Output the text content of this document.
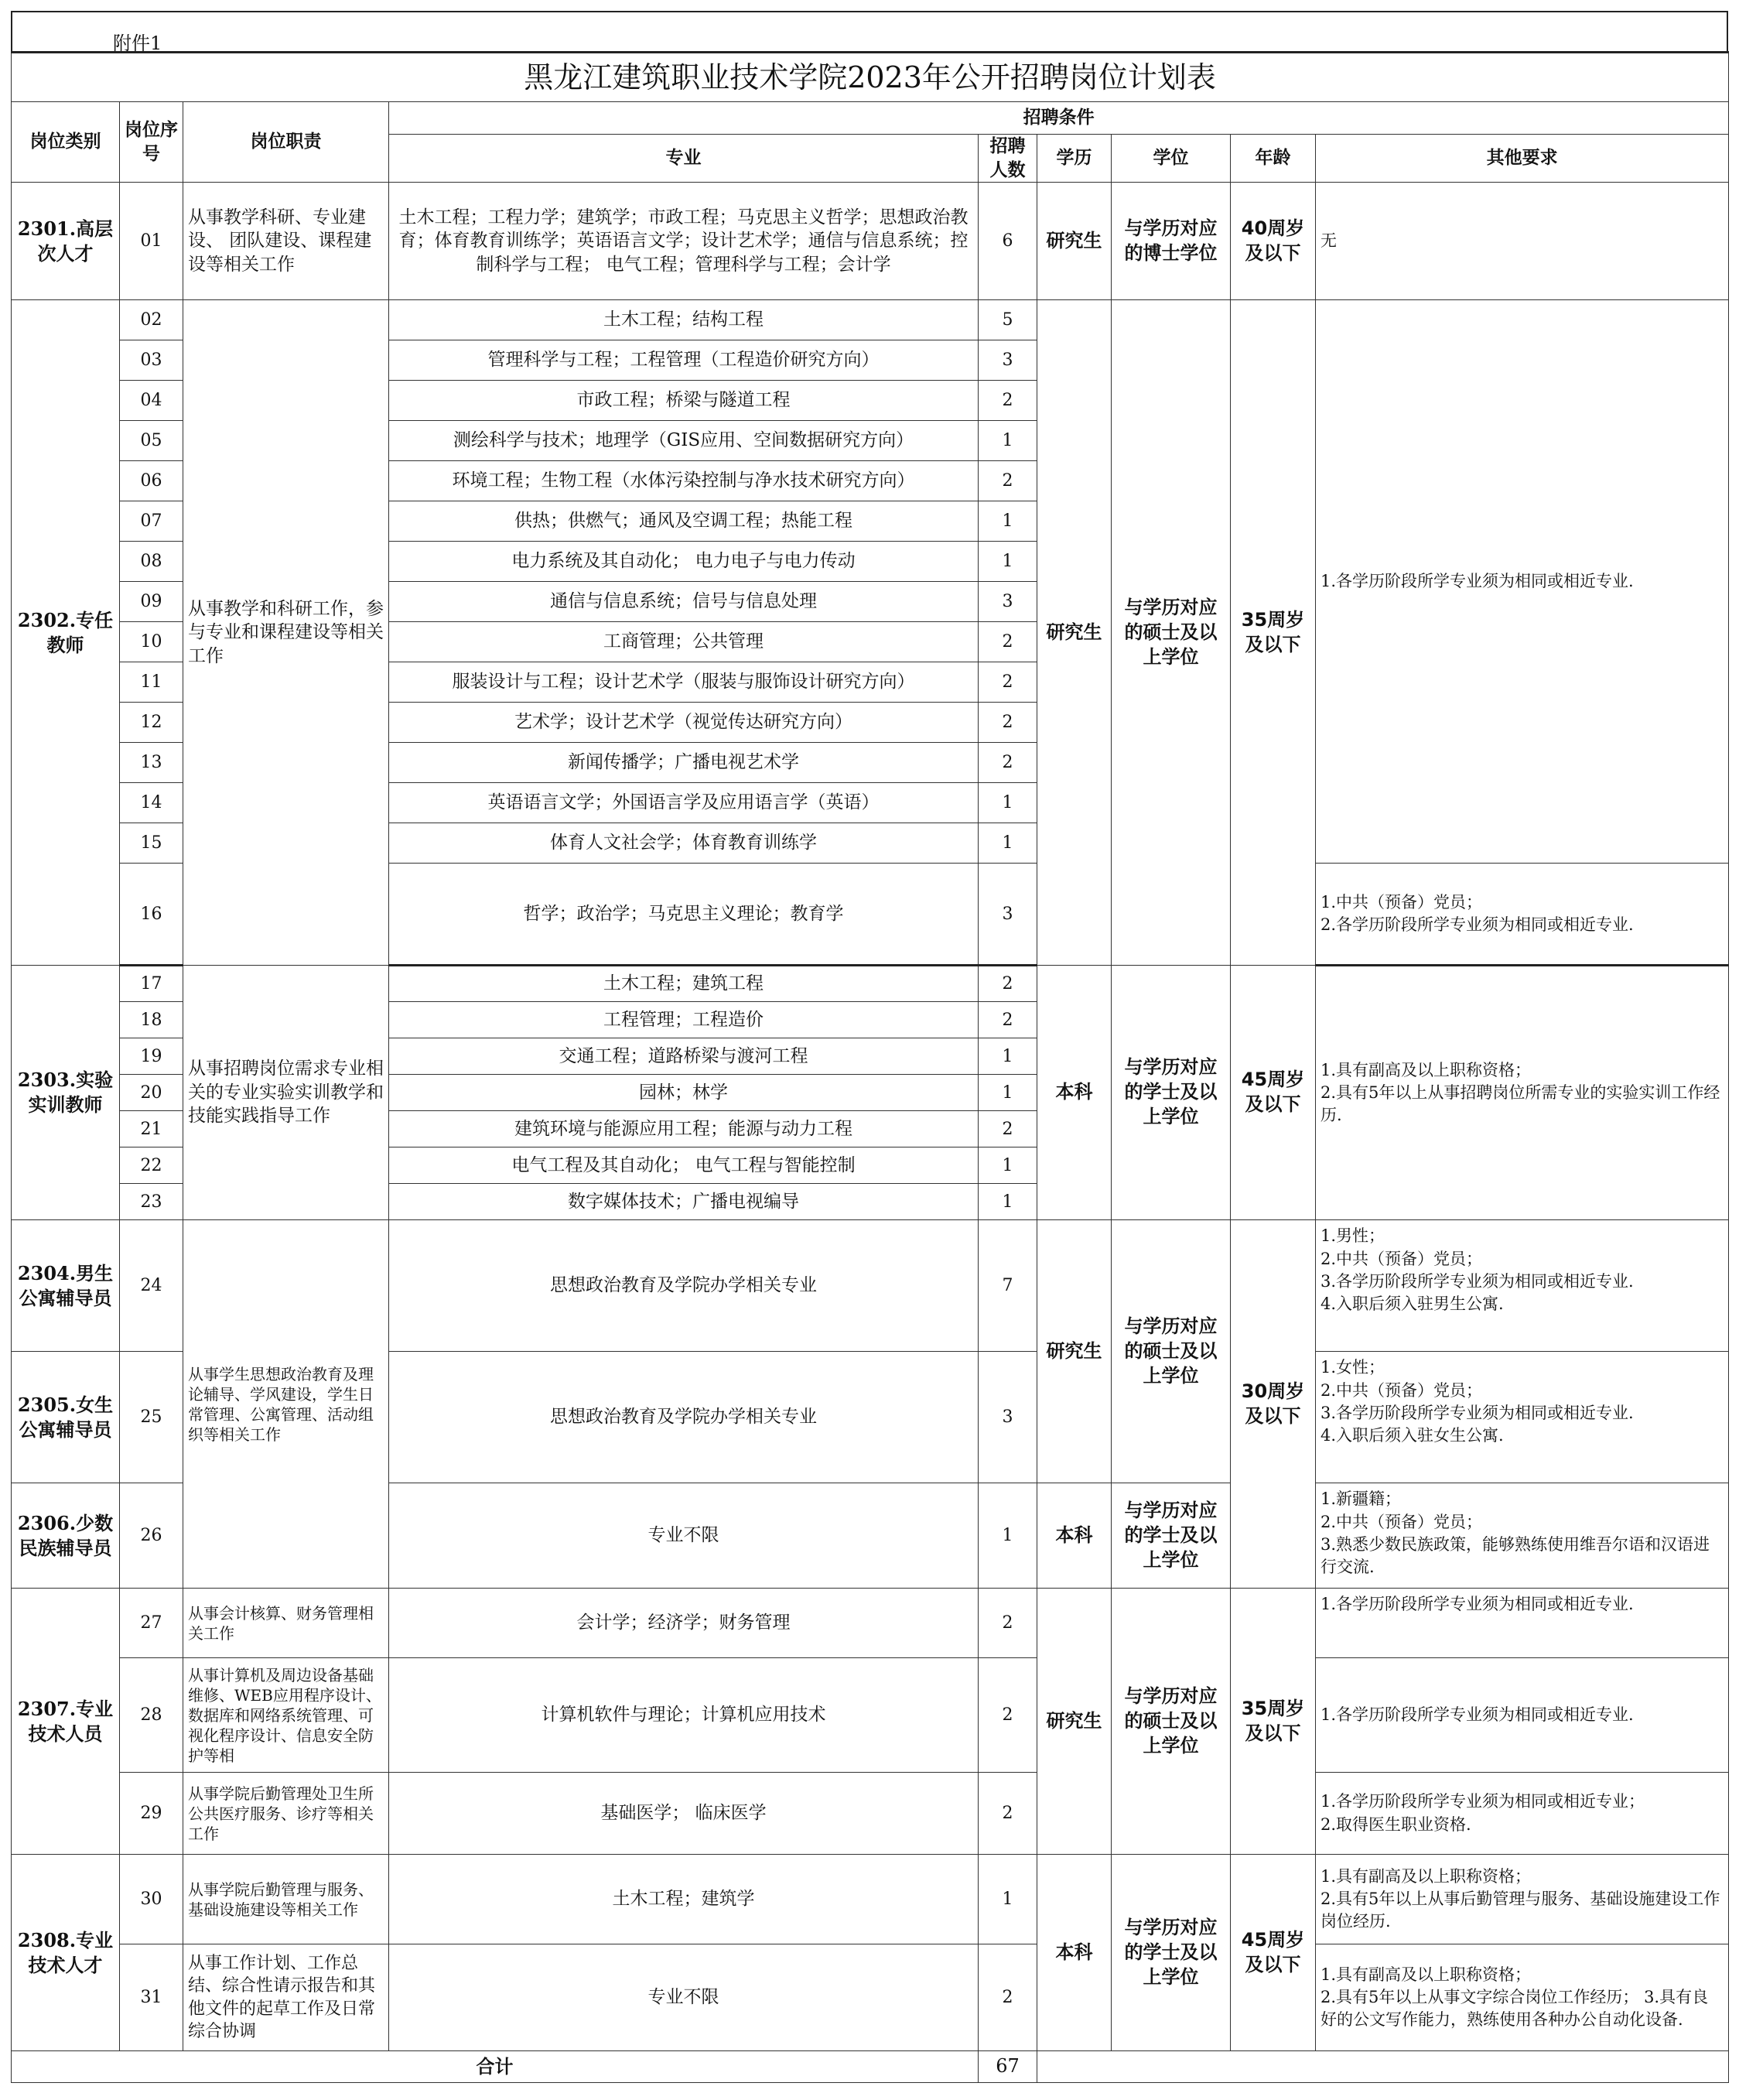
附件1
黑龙江建筑职业技术学院2023年公开招聘岗位计划表								
岗位类别	岗位序号	岗位职责	招聘条件					
			专业	招聘人数	学历	学位	年龄	其他要求
2301.高层次人才	01	从事教学科研、专业建设、 团队建设、课程建设等相关工作	土木工程；工程力学；建筑学；市政工程；马克思主义哲学；思想政治教育；体育教育训练学；英语语言文学；设计艺术学；通信与信息系统；控制科学与工程； 电气工程；管理科学与工程；会计学	6	研究生	与学历对应的博士学位	40周岁及以下	无
2302.专任教师	02	从事教学和科研工作，参与专业和课程建设等相关工作	土木工程；结构工程	5	研究生	与学历对应的硕士及以上学位	35周岁及以下	1.各学历阶段所学专业须为相同或相近专业.
	03		管理科学与工程；工程管理（工程造价研究方向）	3				
	04		市政工程；桥梁与隧道工程	2				
	05		测绘科学与技术；地理学（GIS应用、空间数据研究方向）	1				
	06		环境工程；生物工程（水体污染控制与净水技术研究方向）	2				
	07		供热；供燃气；通风及空调工程；热能工程	1				
	08		电力系统及其自动化； 电力电子与电力传动	1				
	09		通信与信息系统；信号与信息处理	3				
	10		工商管理；公共管理	2				
	11		服装设计与工程；设计艺术学（服装与服饰设计研究方向）	2				
	12		艺术学；设计艺术学（视觉传达研究方向）	2				
	13		新闻传播学；广播电视艺术学	2				
	14		英语语言文学；外国语言学及应用语言学（英语）	1				
	15		体育人文社会学；体育教育训练学	1				
	16		哲学；政治学；马克思主义理论；教育学	3				1.中共（预备）党员；
2.各学历阶段所学专业须为相同或相近专业.
2303.实验实训教师	17	从事招聘岗位需求专业相关的专业实验实训教学和技能实践指导工作	土木工程；建筑工程	2	本科	与学历对应的学士及以上学位	45周岁及以下	1.具有副高及以上职称资格；
2.具有5年以上从事招聘岗位所需专业的实验实训工作经历.
	18		工程管理；工程造价	2				
	19		交通工程；道路桥梁与渡河工程	1				
	20		园林；林学	1				
	21		建筑环境与能源应用工程；能源与动力工程	2				
	22		电气工程及其自动化； 电气工程与智能控制	1				
	23		数字媒体技术；广播电视编导	1				
2304.男生公寓辅导员	24	从事学生思想政治教育及理论辅导、学风建设，学生日常管理、公寓管理、活动组织等相关工作	思想政治教育及学院办学相关专业	7	研究生	与学历对应的硕士及以上学位	30周岁及以下	1.男性；
2.中共（预备）党员；
3.各学历阶段所学专业须为相同或相近专业.
4.入职后须入驻男生公寓.
2305.女生公寓辅导员	25		思想政治教育及学院办学相关专业	3				1.女性；
2.中共（预备）党员；
3.各学历阶段所学专业须为相同或相近专业.
4.入职后须入驻女生公寓.
2306.少数民族辅导员	26		专业不限	1	本科	与学历对应的学士及以上学位		1.新疆籍；
2.中共（预备）党员；
3.熟悉少数民族政策，能够熟练使用维吾尔语和汉语进行交流.
2307.专业技术人员	27	从事会计核算、财务管理相关工作	会计学；经济学；财务管理	2	研究生	与学历对应的硕士及以上学位	35周岁及以下	1.各学历阶段所学专业须为相同或相近专业.
	28	从事计算机及周边设备基础维修、WEB应用程序设计、数据库和网络系统管理、可视化程序设计、信息安全防护等相	计算机软件与理论；计算机应用技术	2				1.各学历阶段所学专业须为相同或相近专业.
	29	从事学院后勤管理处卫生所公共医疗服务、诊疗等相关工作	基础医学； 临床医学	2				1.各学历阶段所学专业须为相同或相近专业；
2.取得医生职业资格.
2308.专业技术人才	30	从事学院后勤管理与服务、基础设施建设等相关工作	土木工程；建筑学	1	本科	与学历对应的学士及以上学位	45周岁及以下	1.具有副高及以上职称资格；
2.具有5年以上从事后勤管理与服务、基础设施建设工作岗位经历.
	31	从事工作计划、工作总结、综合性请示报告和其他文件的起草工作及日常综合协调	专业不限	2				1.具有副高及以上职称资格；
2.具有5年以上从事文字综合岗位工作经历； 3.具有良好的公文写作能力，熟练使用各种办公自动化设备.
合计				67				
